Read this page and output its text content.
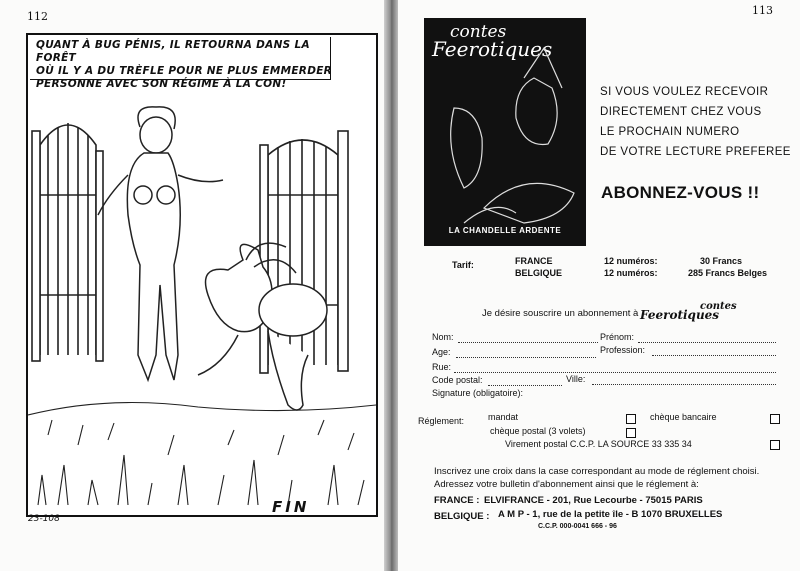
112
QUANT À BUG PÉNIS, IL RETOURNA DANS LA FORÊT
OÙ IL Y A DU TRÈFLE POUR NE PLUS EMMERDER
PERSONNE AVEC SON RÉGIME À LA CON!
FIN
23-108
113
contes
Feerotiques
LA CHANDELLE ARDENTE
SI VOUS VOULEZ RECEVOIR
DIRECTEMENT CHEZ VOUS
LE PROCHAIN NUMERO
DE VOTRE LECTURE PREFEREE
ABONNEZ-VOUS !!
Tarif:	FRANCE	12 numéros:	30 Francs
BELGIQUE	12 numéros:	285 Francs Belges
Je désire souscrire un abonnement à
contes
Feerotiques
Nom:	Prénom:
Age:	Profession:
Rue:
Code postal:	Ville:
Signature (obligatoire):
Réglement:	mandat	chèque bancaire
chèque postal (3 volets)
Virement postal C.C.P. LA SOURCE 33 335 34
Inscrivez une croix dans la case correspondant au mode de réglement choisi.
Adressez votre bulletin d'abonnement ainsi que le réglement à:
FRANCE : ELVIFRANCE - 201, Rue Lecourbe - 75015 PARIS
BELGIQUE : A M P - 1, rue de la petite île - B 1070 BRUXELLES
C.C.P. 000-0041 666 - 96
